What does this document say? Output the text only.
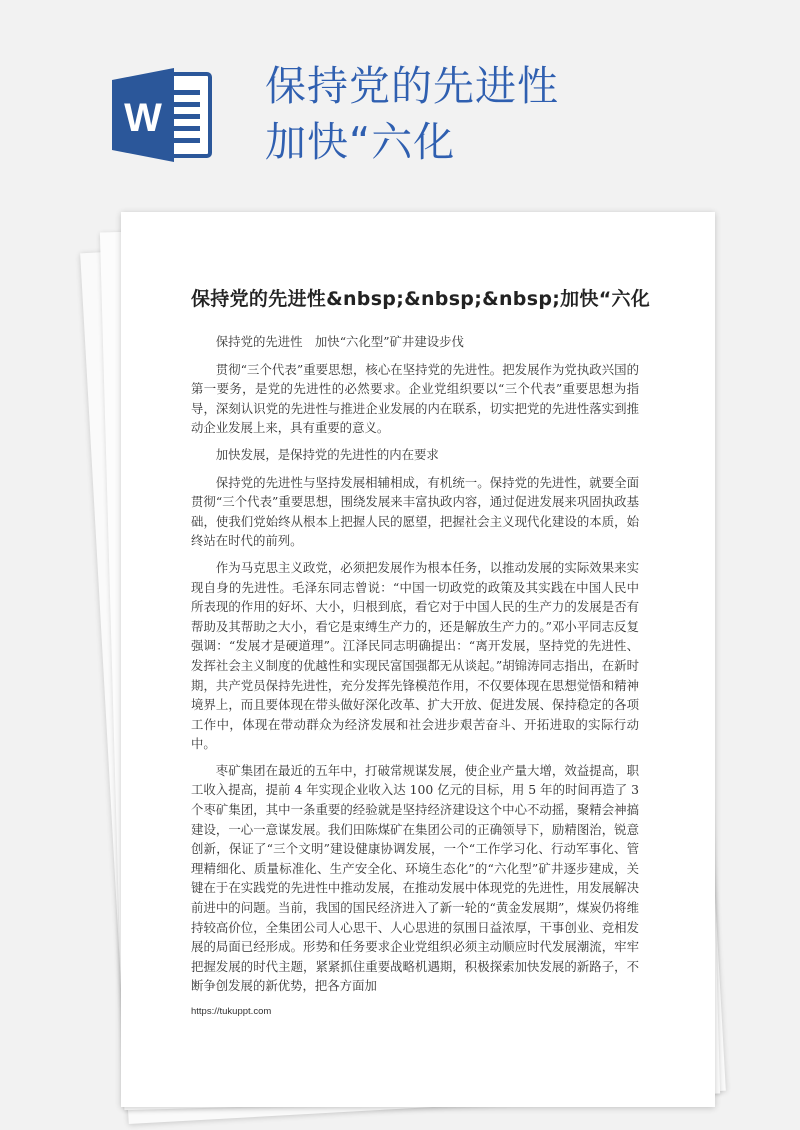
W
保持党的先进性
加快“六化
保持党的先进性&nbsp;&nbsp;&nbsp;加快“六化

保持党的先进性　加快“六化型”矿井建设步伐

贯彻“三个代表”重要思想，核心在坚持党的先进性。把发展作为党执政兴国的第一要务，是党的先进性的必然要求。企业党组织要以“三个代表”重要思想为指导，深刻认识党的先进性与推进企业发展的内在联系，切实把党的先进性落实到推动企业发展上来，具有重要的意义。

加快发展，是保持党的先进性的内在要求

保持党的先进性与坚持发展相辅相成，有机统一。保持党的先进性，就要全面贯彻“三个代表”重要思想，围绕发展来丰富执政内容，通过促进发展来巩固执政基础，使我们党始终从根本上把握人民的愿望，把握社会主义现代化建设的本质，始终站在时代的前列。

作为马克思主义政党，必须把发展作为根本任务，以推动发展的实际效果来实现自身的先进性。毛泽东同志曾说：“中国一切政党的政策及其实践在中国人民中所表现的作用的好坏、大小，归根到底，看它对于中国人民的生产力的发展是否有帮助及其帮助之大小，看它是束缚生产力的，还是解放生产力的。”邓小平同志反复强调：“发展才是硬道理”。江泽民同志明确提出：“离开发展，坚持党的先进性、发挥社会主义制度的优越性和实现民富国强都无从谈起。”胡锦涛同志指出，在新时期，共产党员保持先进性，充分发挥先锋模范作用，不仅要体现在思想觉悟和精神境界上，而且要体现在带头做好深化改革、扩大开放、促进发展、保持稳定的各项工作中，体现在带动群众为经济发展和社会进步艰苦奋斗、开拓进取的实际行动中。

枣矿集团在最近的五年中，打破常规谋发展，使企业产量大增，效益提高，职工收入提高，提前 4 年实现企业收入达 100 亿元的目标，用 5 年的时间再造了 3 个枣矿集团，其中一条重要的经验就是坚持经济建设这个中心不动摇，聚精会神搞建设，一心一意谋发展。我们田陈煤矿在集团公司的正确领导下，励精图治，锐意创新，保证了“三个文明”建设健康协调发展，一个“工作学习化、行动军事化、管理精细化、质量标准化、生产安全化、环境生态化”的“六化型”矿井逐步建成，关键在于在实践党的先进性中推动发展，在推动发展中体现党的先进性，用发展解决前进中的问题。当前，我国的国民经济进入了新一轮的“黄金发展期”，煤炭仍将维持较高价位，全集团公司人心思干、人心思进的氛围日益浓厚，干事创业、竞相发展的局面已经形成。形势和任务要求企业党组织必须主动顺应时代发展潮流，牢牢把握发展的时代主题，紧紧抓住重要战略机遇期，积极探索加快发展的新路子，不断争创发展的新优势，把各方面加

https://tukuppt.com
